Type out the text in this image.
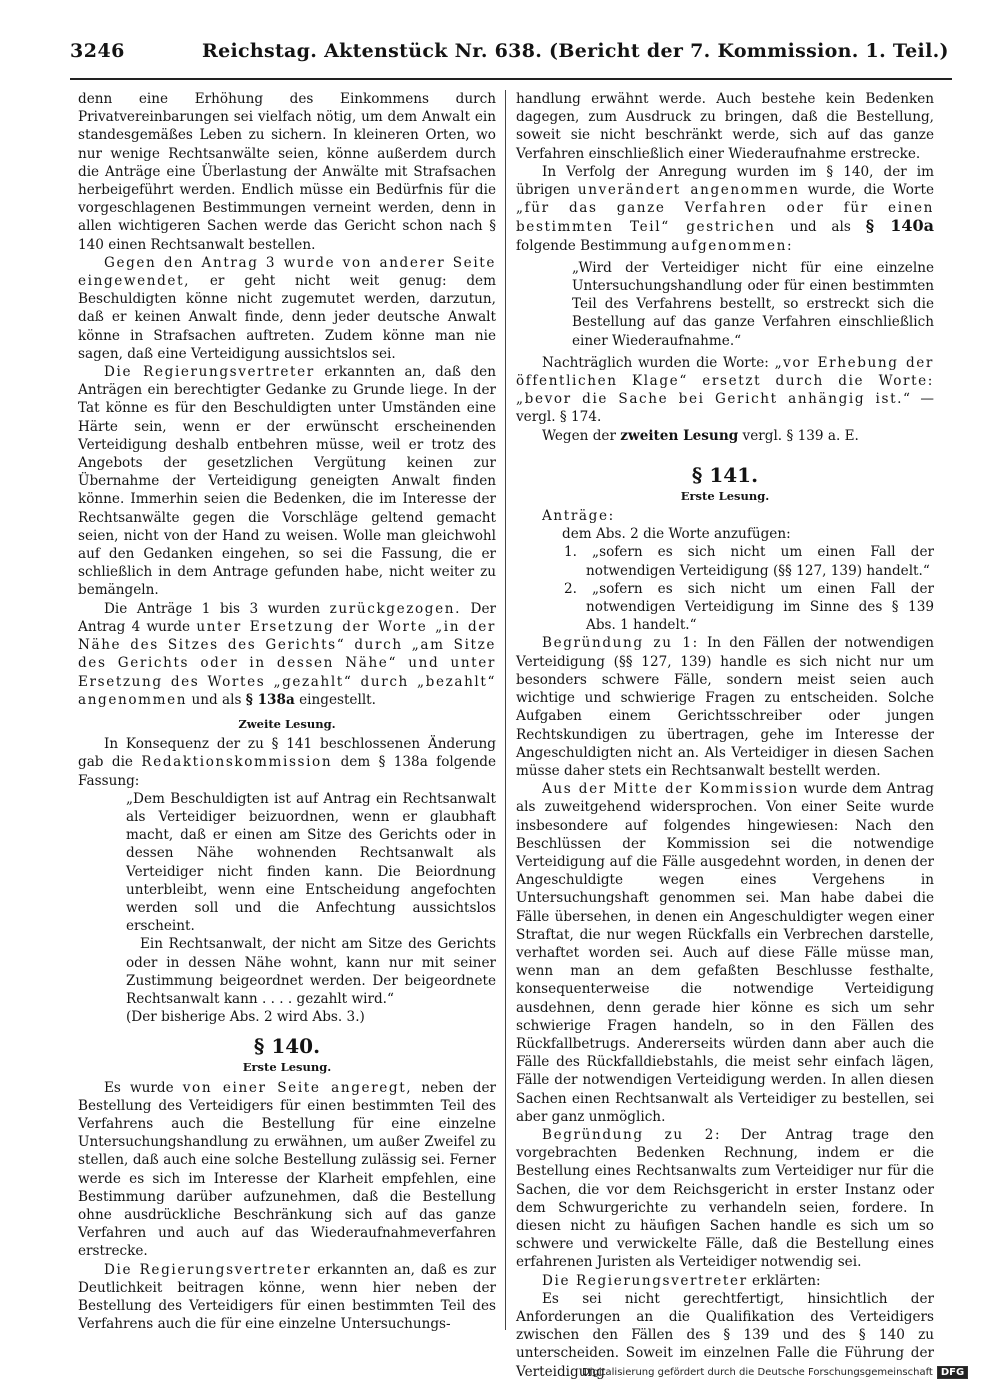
3246	Reichstag. Aktenstück Nr. 638. (Bericht der 7. Kommission. 1. Teil.)

denn eine Erhöhung des Einkommens durch Privatvereinbarungen sei vielfach nötig, um dem Anwalt ein standesgemäßes Leben zu sichern. In kleineren Orten, wo nur wenige Rechtsanwälte seien, könne außerdem durch die Anträge eine Überlastung der Anwälte mit Strafsachen herbeigeführt werden. Endlich müsse ein Bedürfnis für die vorgeschlagenen Bestimmungen verneint werden, denn in allen wichtigeren Sachen werde das Gericht schon nach § 140 einen Rechtsanwalt bestellen.

Gegen den Antrag 3 wurde von anderer Seite eingewendet, er geht nicht weit genug: dem Beschuldigten könne nicht zugemutet werden, darzutun, daß er keinen Anwalt finde, denn jeder deutsche Anwalt könne in Strafsachen auftreten. Zudem könne man nie sagen, daß eine Verteidigung aussichtslos sei.

Die Regierungsvertreter erkannten an, daß den Anträgen ein berechtigter Gedanke zu Grunde liege. In der Tat könne es für den Beschuldigten unter Umständen eine Härte sein, wenn er der erwünscht erscheinenden Verteidigung deshalb entbehren müsse, weil er trotz des Angebots der gesetzlichen Vergütung keinen zur Übernahme der Verteidigung geneigten Anwalt finden könne. Immerhin seien die Bedenken, die im Interesse der Rechtsanwälte gegen die Vorschläge geltend gemacht seien, nicht von der Hand zu weisen. Wolle man gleichwohl auf den Gedanken eingehen, so sei die Fassung, die er schließlich in dem Antrage gefunden habe, nicht weiter zu bemängeln.

Die Anträge 1 bis 3 wurden zurückgezogen. Der Antrag 4 wurde unter Ersetzung der Worte „in der Nähe des Sitzes des Gerichts“ durch „am Sitze des Gerichts oder in dessen Nähe“ und unter Ersetzung des Wortes „gezahlt“ durch „bezahlt“ angenommen und als § 138a eingestellt.

Zweite Lesung.

In Konsequenz der zu § 141 beschlossenen Änderung gab die Redaktionskommission dem § 138a folgende Fassung:

„Dem Beschuldigten ist auf Antrag ein Rechtsanwalt als Verteidiger beizuordnen, wenn er glaubhaft macht, daß er einen am Sitze des Gerichts oder in dessen Nähe wohnenden Rechtsanwalt als Verteidiger nicht finden kann. Die Beiordnung unterbleibt, wenn eine Entscheidung angefochten werden soll und die Anfechtung aussichtslos erscheint.

Ein Rechtsanwalt, der nicht am Sitze des Gerichts oder in dessen Nähe wohnt, kann nur mit seiner Zustimmung beigeordnet werden. Der beigeordnete Rechtsanwalt kann . . . . gezahlt wird.“

(Der bisherige Abs. 2 wird Abs. 3.)

§ 140.
Erste Lesung.

Es wurde von einer Seite angeregt, neben der Bestellung des Verteidigers für einen bestimmten Teil des Verfahrens auch die Bestellung für eine einzelne Untersuchungshandlung zu erwähnen, um außer Zweifel zu stellen, daß auch eine solche Bestellung zulässig sei. Ferner werde es sich im Interesse der Klarheit empfehlen, eine Bestimmung darüber aufzunehmen, daß die Bestellung ohne ausdrückliche Beschränkung sich auf das ganze Verfahren und auch auf das Wiederaufnahmeverfahren erstrecke.

Die Regierungsvertreter erkannten an, daß es zur Deutlichkeit beitragen könne, wenn hier neben der Bestellung des Verteidigers für einen bestimmten Teil des Verfahrens auch die für eine einzelne Untersuchungs-

handlung erwähnt werde. Auch bestehe kein Bedenken dagegen, zum Ausdruck zu bringen, daß die Bestellung, soweit sie nicht beschränkt werde, sich auf das ganze Verfahren einschließlich einer Wiederaufnahme erstrecke.

In Verfolg der Anregung wurden im § 140, der im übrigen unverändert angenommen wurde, die Worte „für das ganze Verfahren oder für einen bestimmten Teil“ gestrichen und als § 140a folgende Bestimmung aufgenommen:

„Wird der Verteidiger nicht für eine einzelne Untersuchungshandlung oder für einen bestimmten Teil des Verfahrens bestellt, so erstreckt sich die Bestellung auf das ganze Verfahren einschließlich einer Wiederaufnahme.“

Nachträglich wurden die Worte: „vor Erhebung der öffentlichen Klage“ ersetzt durch die Worte: „bevor die Sache bei Gericht anhängig ist.“ — vergl. § 174.

Wegen der zweiten Lesung vergl. § 139 a. E.

§ 141.
Erste Lesung.

Anträge:

dem Abs. 2 die Worte anzufügen:

1. „sofern es sich nicht um einen Fall der notwendigen Verteidigung (§§ 127, 139) handelt.“

2. „sofern es sich nicht um einen Fall der notwendigen Verteidigung im Sinne des § 139 Abs. 1 handelt.“

Begründung zu 1: In den Fällen der notwendigen Verteidigung (§§ 127, 139) handle es sich nicht nur um besonders schwere Fälle, sondern meist seien auch wichtige und schwierige Fragen zu entscheiden. Solche Aufgaben einem Gerichtsschreiber oder jungen Rechtskundigen zu übertragen, gehe im Interesse der Angeschuldigten nicht an. Als Verteidiger in diesen Sachen müsse daher stets ein Rechtsanwalt bestellt werden.

Aus der Mitte der Kommission wurde dem Antrag als zuweitgehend widersprochen. Von einer Seite wurde insbesondere auf folgendes hingewiesen: Nach den Beschlüssen der Kommission sei die notwendige Verteidigung auf die Fälle ausgedehnt worden, in denen der Angeschuldigte wegen eines Vergehens in Untersuchungshaft genommen sei. Man habe dabei die Fälle übersehen, in denen ein Angeschuldigter wegen einer Straftat, die nur wegen Rückfalls ein Verbrechen darstelle, verhaftet worden sei. Auch auf diese Fälle müsse man, wenn man an dem gefaßten Beschlusse festhalte, konsequenterweise die notwendige Verteidigung ausdehnen, denn gerade hier könne es sich um sehr schwierige Fragen handeln, so in den Fällen des Rückfallbetrugs. Andererseits würden dann aber auch die Fälle des Rückfalldiebstahls, die meist sehr einfach lägen, Fälle der notwendigen Verteidigung werden. In allen diesen Sachen einen Rechtsanwalt als Verteidiger zu bestellen, sei aber ganz unmöglich.

Begründung zu 2: Der Antrag trage den vorgebrachten Bedenken Rechnung, indem er die Bestellung eines Rechtsanwalts zum Verteidiger nur für die Sachen, die vor dem Reichsgericht in erster Instanz oder dem Schwurgerichte zu verhandeln seien, fordere. In diesen nicht zu häufigen Sachen handle es sich um so schwere und verwickelte Fälle, daß die Bestellung eines erfahrenen Juristen als Verteidiger notwendig sei.

Die Regierungsvertreter erklärten:

Es sei nicht gerechtfertigt, hinsichtlich der Anforderungen an die Qualifikation des Verteidigers zwischen den Fällen des § 139 und des § 140 zu unterscheiden. Soweit im einzelnen Falle die Führung der Verteidigung

Digitalisierung gefördert durch die Deutsche Forschungsgemeinschaft DFG
